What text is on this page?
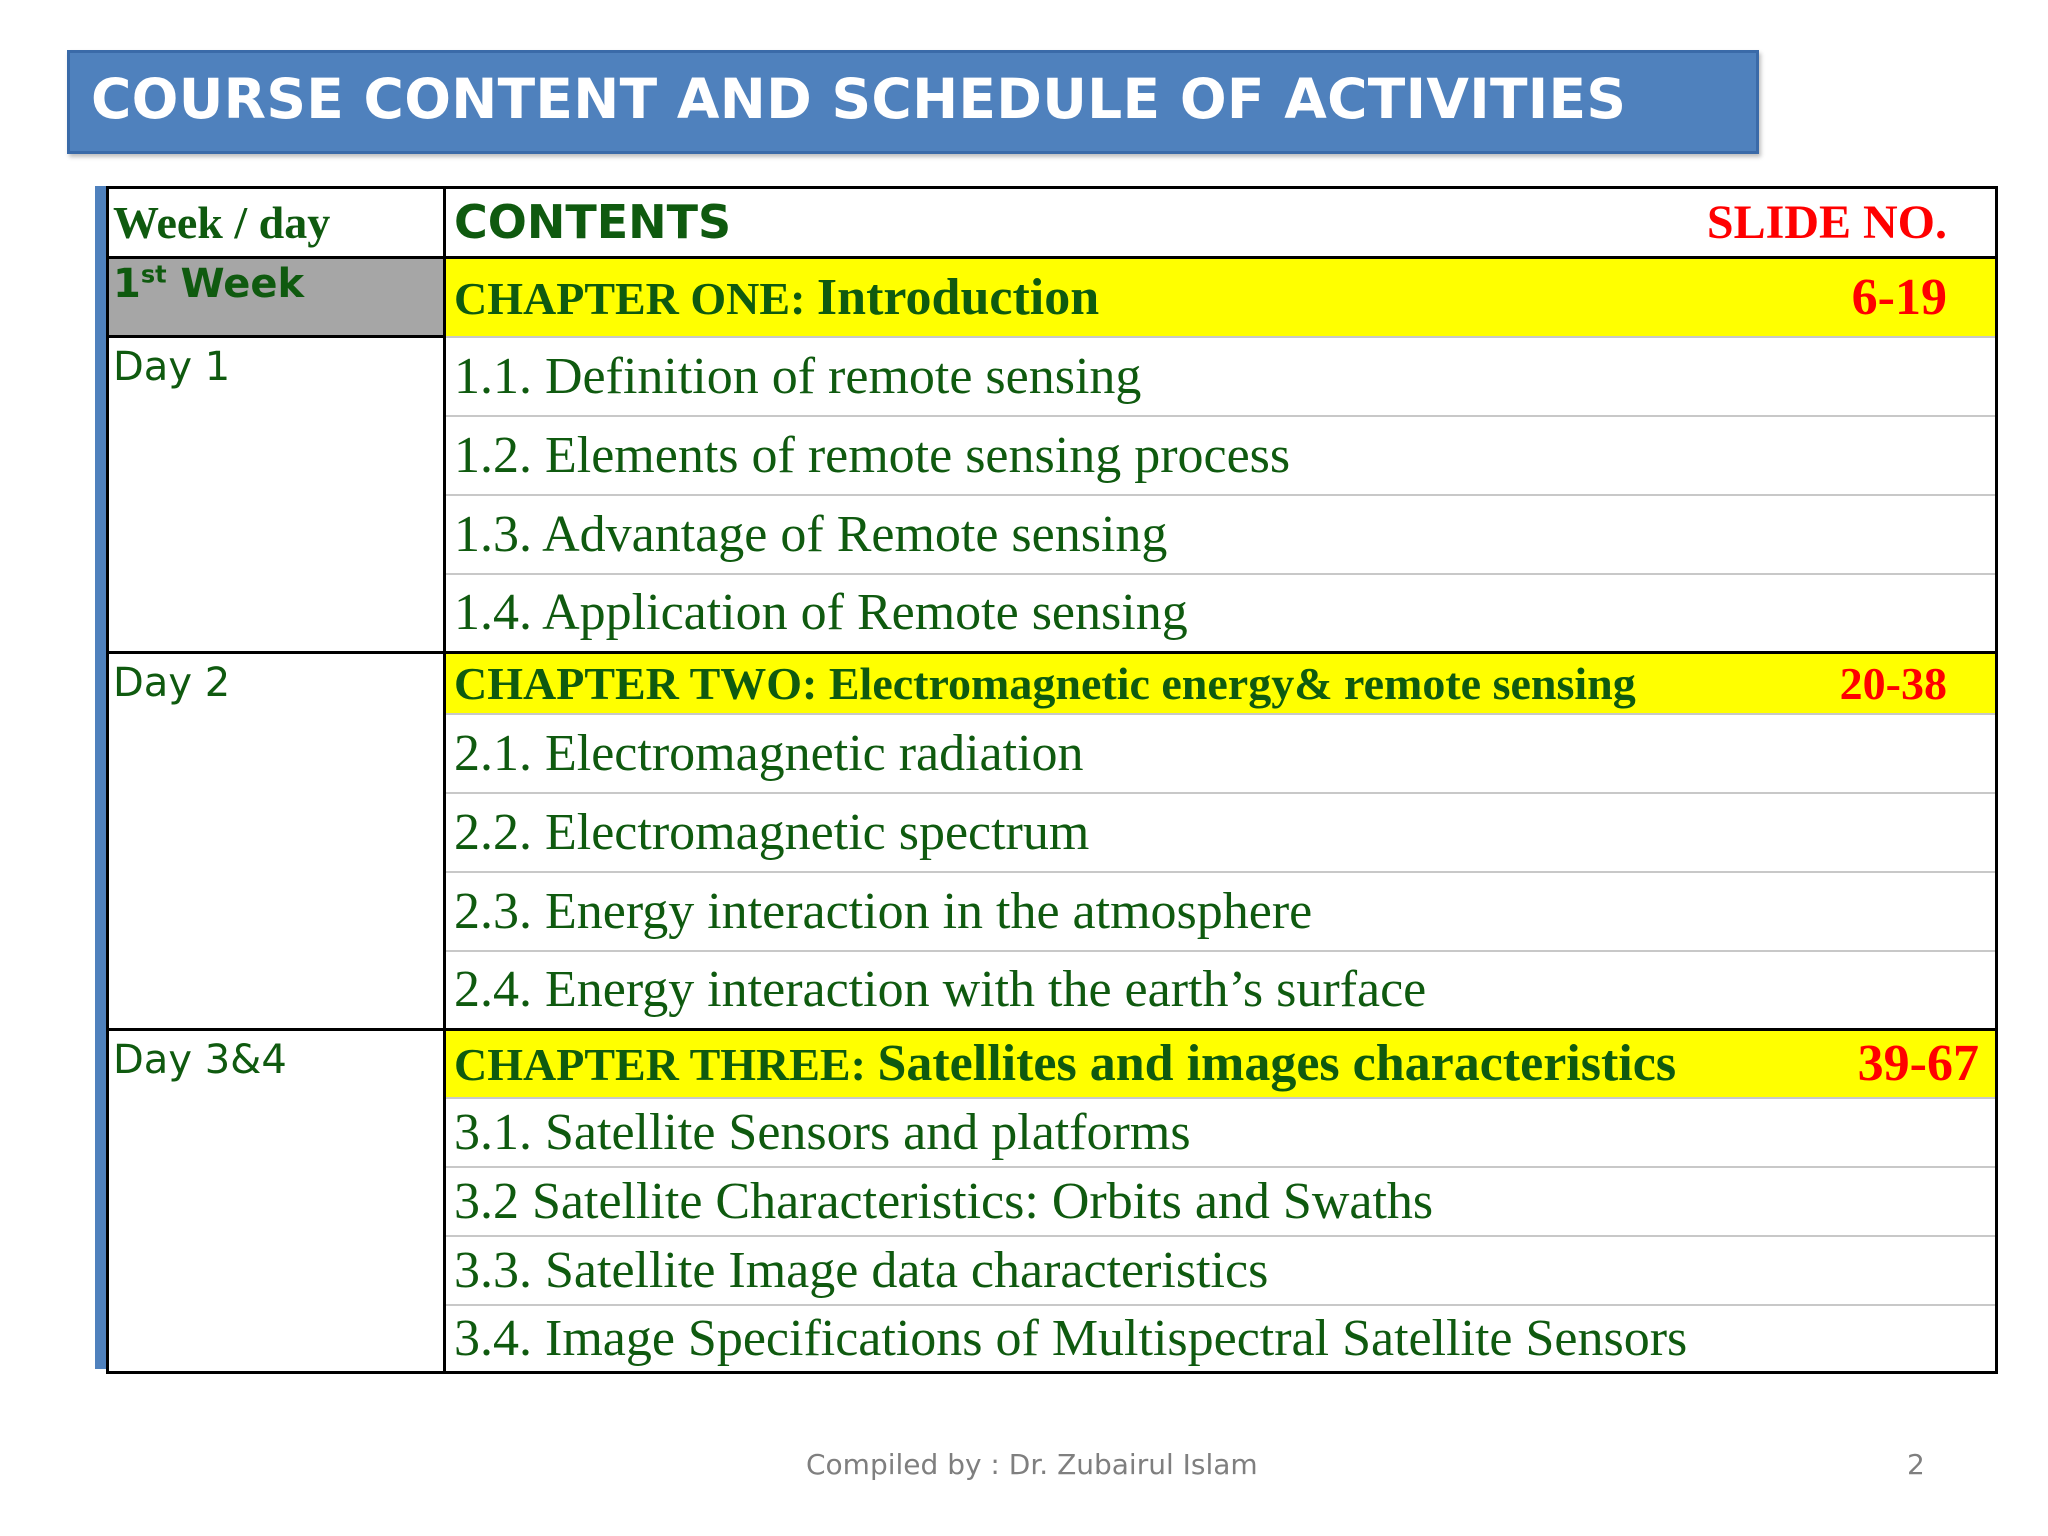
COURSE CONTENT AND SCHEDULE OF ACTIVITIES
Week / day	CONTENTS SLIDE NO.

1st Week	CHAPTER ONE: Introduction 6-19

Day 1	1.1. Definition of remote sensing
	1.2. Elements of remote sensing process
	1.3. Advantage of Remote sensing
	1.4. Application of Remote sensing
Day 2	CHAPTER TWO: Electromagnetic energy& remote sensing 20-38

	2.1. Electromagnetic radiation
	2.2. Electromagnetic spectrum
	2.3. Energy interaction in the atmosphere
	2.4. Energy interaction with the earth’s surface
Day 3&4	CHAPTER THREE: Satellites and images characteristics 39-67

	3.1. Satellite Sensors and platforms
	3.2 Satellite Characteristics: Orbits and Swaths
	3.3. Satellite Image data characteristics
	3.4. Image Specifications of Multispectral Satellite Sensors
Compiled by : Dr. Zubairul Islam	2
